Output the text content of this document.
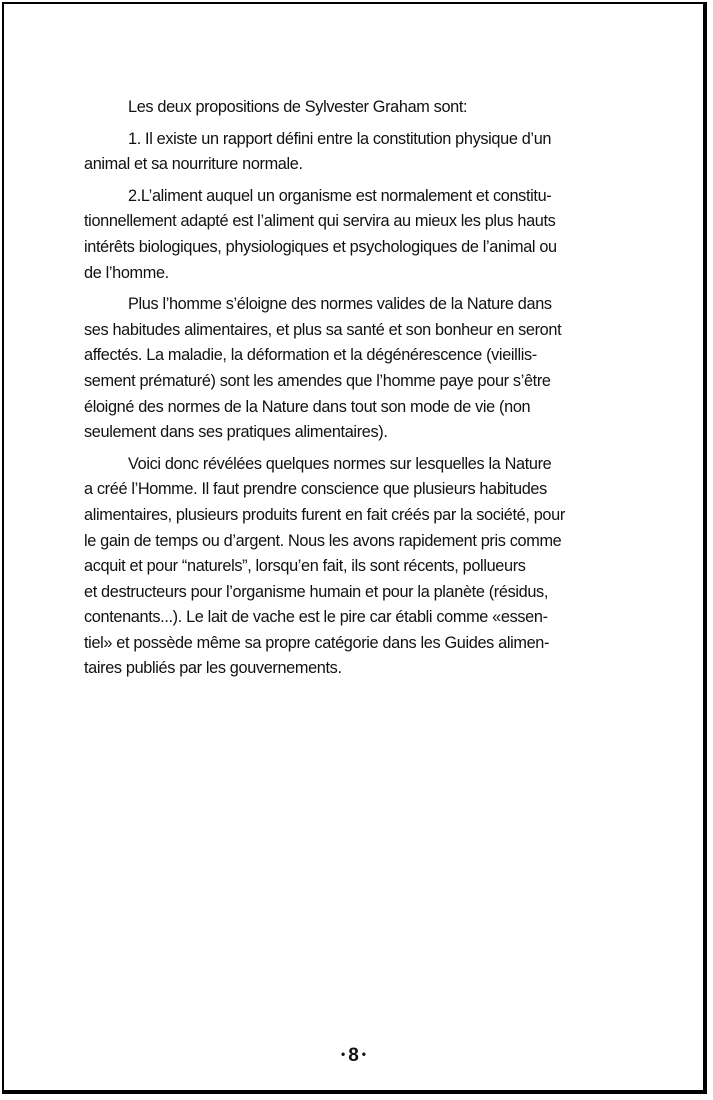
Les deux propositions de Sylvester Graham sont:

1. Il existe un rapport défini entre la constitution physique d’un
animal et sa nourriture normale.

2.L’aliment auquel un organisme est normalement et constitu-
tionnellement adapté est l’aliment qui servira au mieux les plus hauts
intérêts biologiques, physiologiques et psychologiques de l’animal ou
de l’homme.

Plus l’homme s’éloigne des normes valides de la Nature dans
ses habitudes alimentaires, et plus sa santé et son bonheur en seront
affectés. La maladie, la déformation et la dégénérescence (vieillis-
sement prématuré) sont les amendes que l’homme paye pour s’être
éloigné des normes de la Nature dans tout son mode de vie (non
seulement dans ses pratiques alimentaires).

Voici donc révélées quelques normes sur lesquelles la Nature
a créé l’Homme. Il faut prendre conscience que plusieurs habitudes
alimentaires, plusieurs produits furent en fait créés par la société, pour
le gain de temps ou d’argent. Nous les avons rapidement pris comme
acquit et pour “naturels”, lorsqu’en fait, ils sont récents, pollueurs
et destructeurs pour l’organisme humain et pour la planète (résidus,
contenants...). Le lait de vache est le pire car établi comme «essen-
tiel» et possède même sa propre catégorie dans les Guides alimen-
taires publiés par les gouvernements.

• 8 •
